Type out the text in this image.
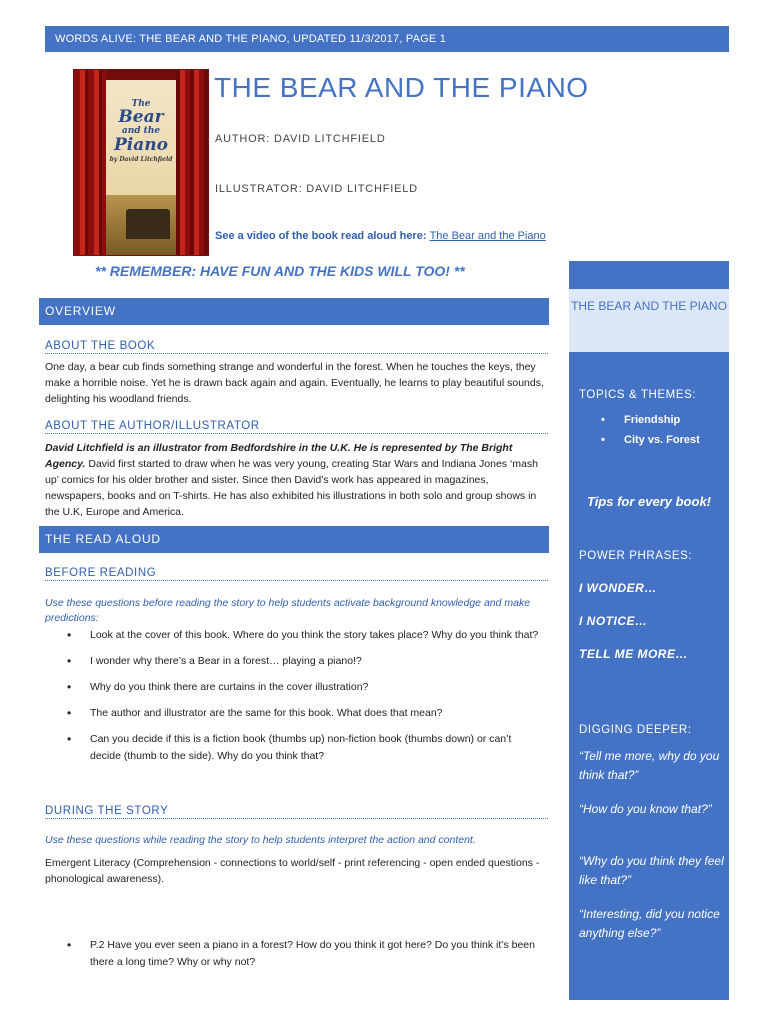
WORDS ALIVE: THE BEAR AND THE PIANO, UPDATED 11/3/2017, PAGE 1
The
Bear
and the
Piano
by David Litchfield
THE BEAR AND THE PIANO
AUTHOR: DAVID LITCHFIELD
ILLUSTRATOR: DAVID LITCHFIELD
See a video of the book read aloud here: The Bear and the Piano
** REMEMBER: HAVE FUN AND THE KIDS WILL TOO! **
OVERVIEW
ABOUT THE BOOK
One day, a bear cub finds something strange and wonderful in the forest. When he touches the keys, they make a horrible noise. Yet he is drawn back again and again. Eventually, he learns to play beautiful sounds, delighting his woodland friends.
ABOUT THE AUTHOR/ILLUSTRATOR
David Litchfield is an illustrator from Bedfordshire in the U.K. He is represented by The Bright Agency. David first started to draw when he was very young, creating Star Wars and Indiana Jones ‘mash up’ comics for his older brother and sister. Since then David’s work has appeared in magazines, newspapers, books and on T-shirts. He has also exhibited his illustrations in both solo and group shows in the U.K, Europe and America.
THE READ ALOUD
BEFORE READING
Use these questions before reading the story to help students activate background knowledge and make predictions:
• Look at the cover of this book. Where do you think the story takes place? Why do you think that?
• I wonder why there’s a Bear in a forest… playing a piano!?
• Why do you think there are curtains in the cover illustration?
• The author and illustrator are the same for this book. What does that mean?
• Can you decide if this is a fiction book (thumbs up) non-fiction book (thumbs down) or can’t decide (thumb to the side). Why do you think that?
DURING THE STORY
Use these questions while reading the story to help students interpret the action and content.
Emergent Literacy (Comprehension - connections to world/self - print referencing - open ended questions - phonological awareness).
• P.2 Have you ever seen a piano in a forest? How do you think it got here? Do you think it’s been there a long time? Why or why not?
THE BEAR AND THE PIANO
TOPICS & THEMES:
• Friendship
• City vs. Forest
Tips for every book!
POWER PHRASES:
I WONDER…
I NOTICE…
TELL ME MORE…
DIGGING DEEPER:
“Tell me more, why do you think that?”
“How do you know that?”
“Why do you think they feel like that?”
“Interesting, did you notice anything else?”
